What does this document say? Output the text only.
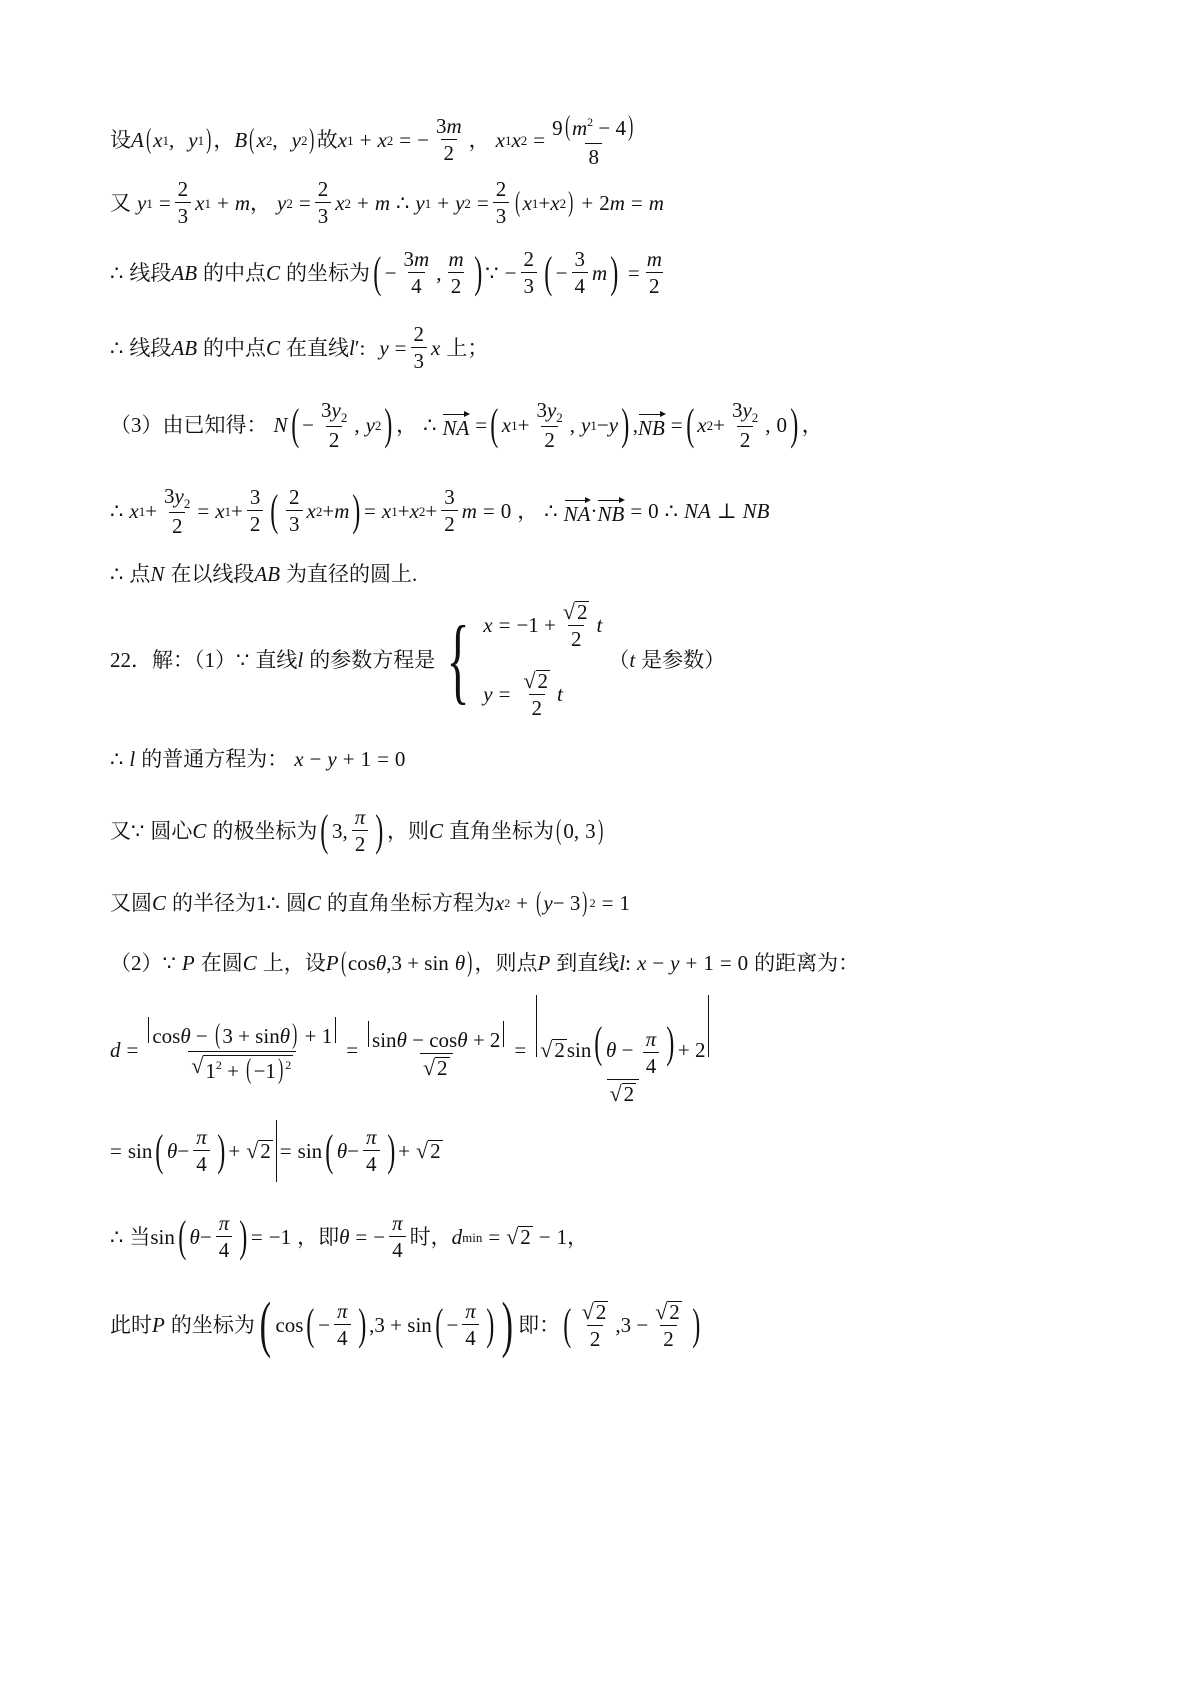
设 A ( x 1 , y 1 ) ， B ( x 2 , y 2 ) 故 x 1 + x 2 = − $\frac{3m}{2}$ ， x 1 x $2 = \frac{9(m^2 - 4)}{8}$
又 y $1 = \frac{2}{3}$ x 1 + m ， y $2 = \frac{2}{3}$ x 2 + m ∴ y 1 + y $2 = \frac{2}{3}$ ( x 1 + x 2 ) + 2 m = m
∴ 线段 AB 的中点 C 的坐标为 ( − $\frac{3m}{4}$ , $\frac{m}{2}$ ) ∵ − $\frac{2}{3}$ ( − $\frac{3}{4}$ m ) = $\frac{m}{2}$
∴ 线段 AB 的中点 C 在直线 l ′: $y = \frac{2}{3}$ x 上；
（3）由已知得： N ( − $\frac{3y_2}{2}$ , y 2 ) ， ∴ NA = ( x $1 + \frac{3y_2}{2}$ , y 1 − y ) , NB = ( x $2 + \frac{3y_2}{2}$ , 0 ) ，
∴ x $1 + \frac{3y_2}{2} = x$ $1 + \frac{3}{2}$ ( $\frac{2}{3}$ x 2 + m ) = x 1 + x $2 + \frac{3}{2}$ m = 0 ， ∴ NA · NB = 0 ∴ NA ⊥ NB
∴ 点 N 在以线段 AB 为直径的圆上.
22．解：（1） ∵ 直线 l 的参数方程是 { $x = -1 + \frac{√ 2}{2}$ t
$y = \frac{√ 2}{2}$ t
（ t 是参数）
∴ l 的普通方程为： x − y + 1 = 0
又 ∵ 圆心 C 的极坐标为 ( 3, $\frac{\pi}{2}$ ) ，则 C 直角坐标为 ( 0, 3 )
又圆 C 的半径为 1 ∴ 圆 C 的直角坐标方程为 x 2 + ( y − 3 ) 2 = 1
（2） ∵ P 在圆 C 上，设 P ( cos θ ,3 + sin θ ) ，则点 P 到直线 l : x − y + 1 = 0 的距离为：
$d = \frac{\cos\theta - (3 + \sin\theta) + 1}{√ 1^2 + (-1) ^2} = \frac{\sin\theta - \cos\theta + 2}{√ 2} = \frac{√ 2 \sin( \theta - \frac{\pi}{4} ) + 2}{√ 2}$
= sin ( $\theta - \frac{\pi}{4}$ ) + √ 2 = sin ( $\theta - \frac{\pi}{4}$ ) + √ 2
∴ 当 sin ( $\theta - \frac{\pi}{4}$ ) = −1 ，即 θ = − $\frac{\pi}{4}$ 时， d min = √ 2 − 1 ，
此时 P 的坐标为 ( cos ( − $\frac{\pi}{4}$ ) ,3 + sin ( − $\frac{\pi}{4}$ ) ) 即： ( $\frac{√ 2}{2} ,3 - \frac{√ 2}{2}$ )
